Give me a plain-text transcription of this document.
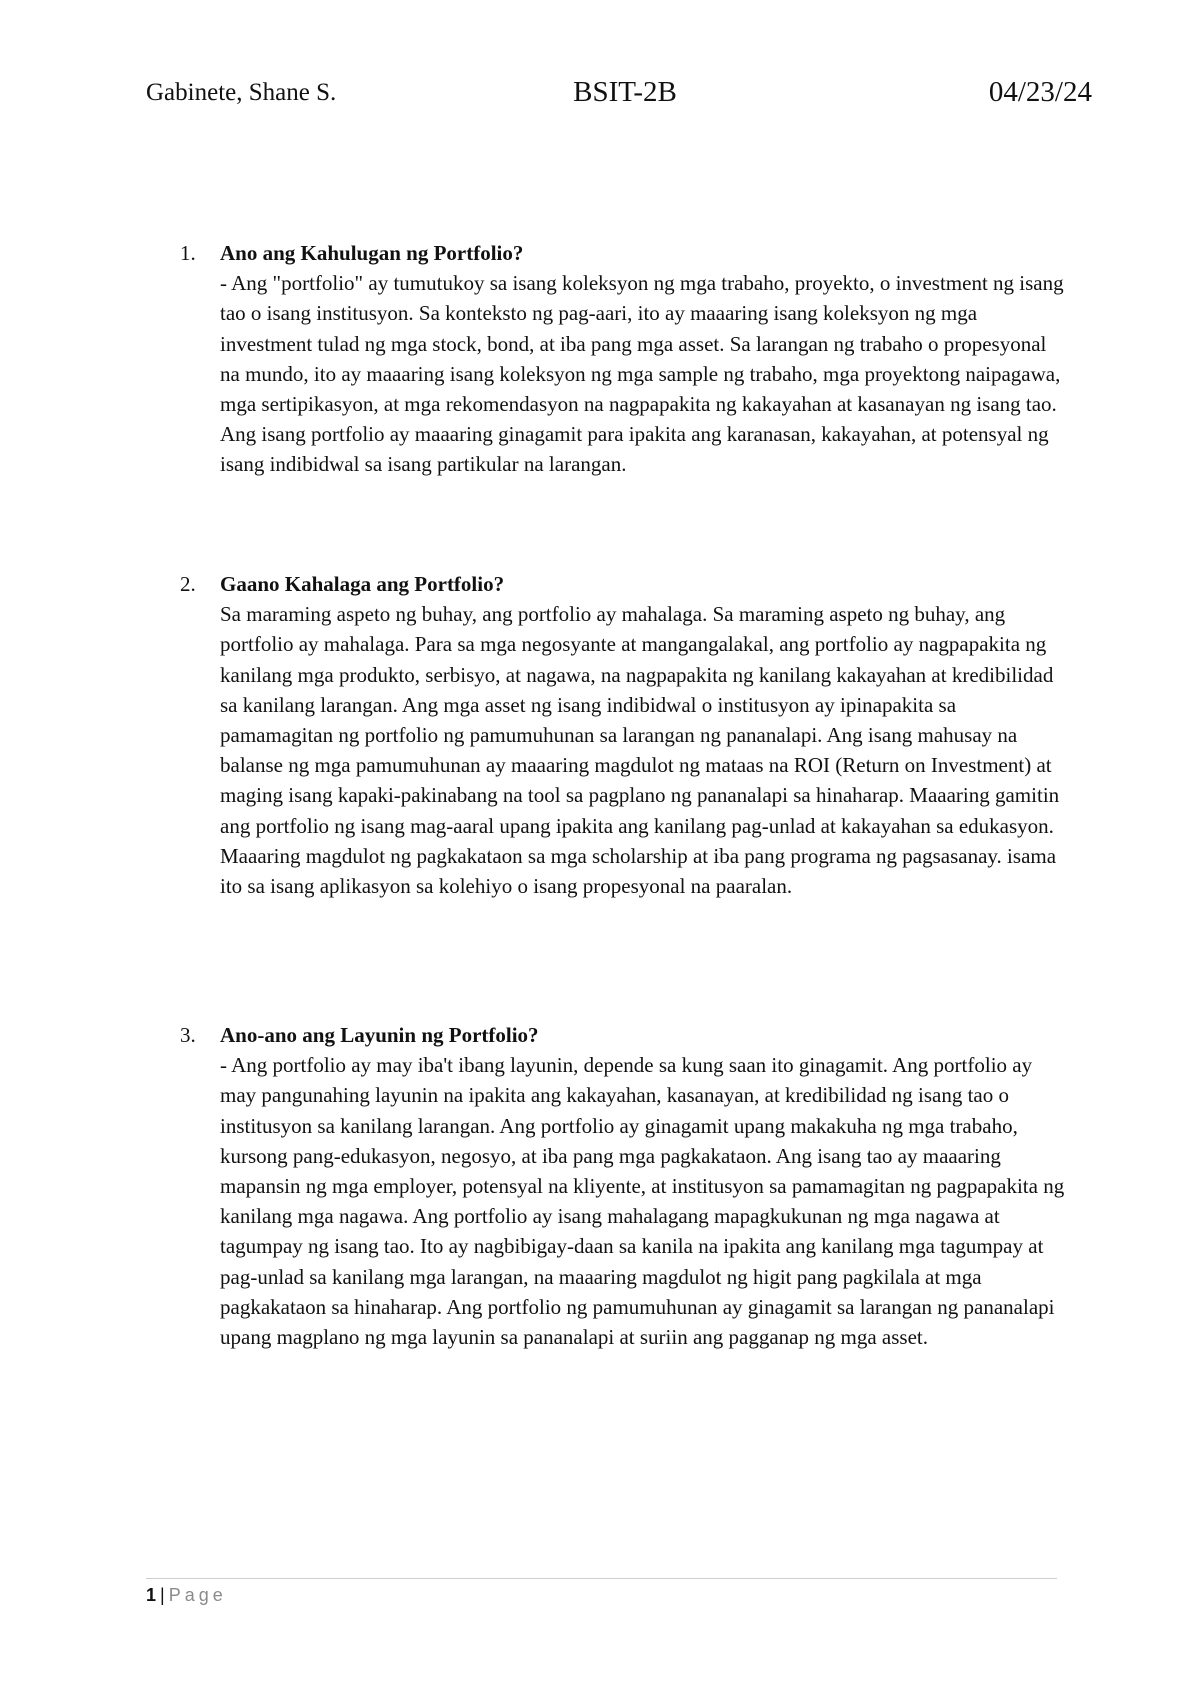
Gabinete, Shane S.	BSIT-2B	04/23/24
1. Ano ang Kahulugan ng Portfolio?
- Ang "portfolio" ay tumutukoy sa isang koleksyon ng mga trabaho, proyekto, o investment ng isang tao o isang institusyon. Sa konteksto ng pag-aari, ito ay maaaring isang koleksyon ng mga investment tulad ng mga stock, bond, at iba pang mga asset. Sa larangan ng trabaho o propesyonal na mundo, ito ay maaaring isang koleksyon ng mga sample ng trabaho, mga proyektong naipagawa, mga sertipikasyon, at mga rekomendasyon na nagpapakita ng kakayahan at kasanayan ng isang tao. Ang isang portfolio ay maaaring ginagamit para ipakita ang karanasan, kakayahan, at potensyal ng isang indibidwal sa isang partikular na larangan.
2. Gaano Kahalaga ang Portfolio?
Sa maraming aspeto ng buhay, ang portfolio ay mahalaga. Sa maraming aspeto ng buhay, ang portfolio ay mahalaga. Para sa mga negosyante at mangangalakal, ang portfolio ay nagpapakita ng kanilang mga produkto, serbisyo, at nagawa, na nagpapakita ng kanilang kakayahan at kredibilidad sa kanilang larangan. Ang mga asset ng isang indibidwal o institusyon ay ipinapakita sa pamamagitan ng portfolio ng pamumuhunan sa larangan ng pananalapi. Ang isang mahusay na balanse ng mga pamumuhunan ay maaaring magdulot ng mataas na ROI (Return on Investment) at maging isang kapaki-pakinabang na tool sa pagplano ng pananalapi sa hinaharap. Maaaring gamitin ang portfolio ng isang mag-aaral upang ipakita ang kanilang pag-unlad at kakayahan sa edukasyon. Maaaring magdulot ng pagkakataon sa mga scholarship at iba pang programa ng pagsasanay. isama ito sa isang aplikasyon sa kolehiyo o isang propesyonal na paaralan.
3. Ano-ano ang Layunin ng Portfolio?
- Ang portfolio ay may iba't ibang layunin, depende sa kung saan ito ginagamit. Ang portfolio ay may pangunahing layunin na ipakita ang kakayahan, kasanayan, at kredibilidad ng isang tao o institusyon sa kanilang larangan. Ang portfolio ay ginagamit upang makakuha ng mga trabaho, kursong pang-edukasyon, negosyo, at iba pang mga pagkakataon. Ang isang tao ay maaaring mapansin ng mga employer, potensyal na kliyente, at institusyon sa pamamagitan ng pagpapakita ng kanilang mga nagawa. Ang portfolio ay isang mahalagang mapagkukunan ng mga nagawa at tagumpay ng isang tao. Ito ay nagbibigay-daan sa kanila na ipakita ang kanilang mga tagumpay at pag-unlad sa kanilang mga larangan, na maaaring magdulot ng higit pang pagkilala at mga pagkakataon sa hinaharap. Ang portfolio ng pamumuhunan ay ginagamit sa larangan ng pananalapi upang magplano ng mga layunin sa pananalapi at suriin ang pagganap ng mga asset.
1 | Page
